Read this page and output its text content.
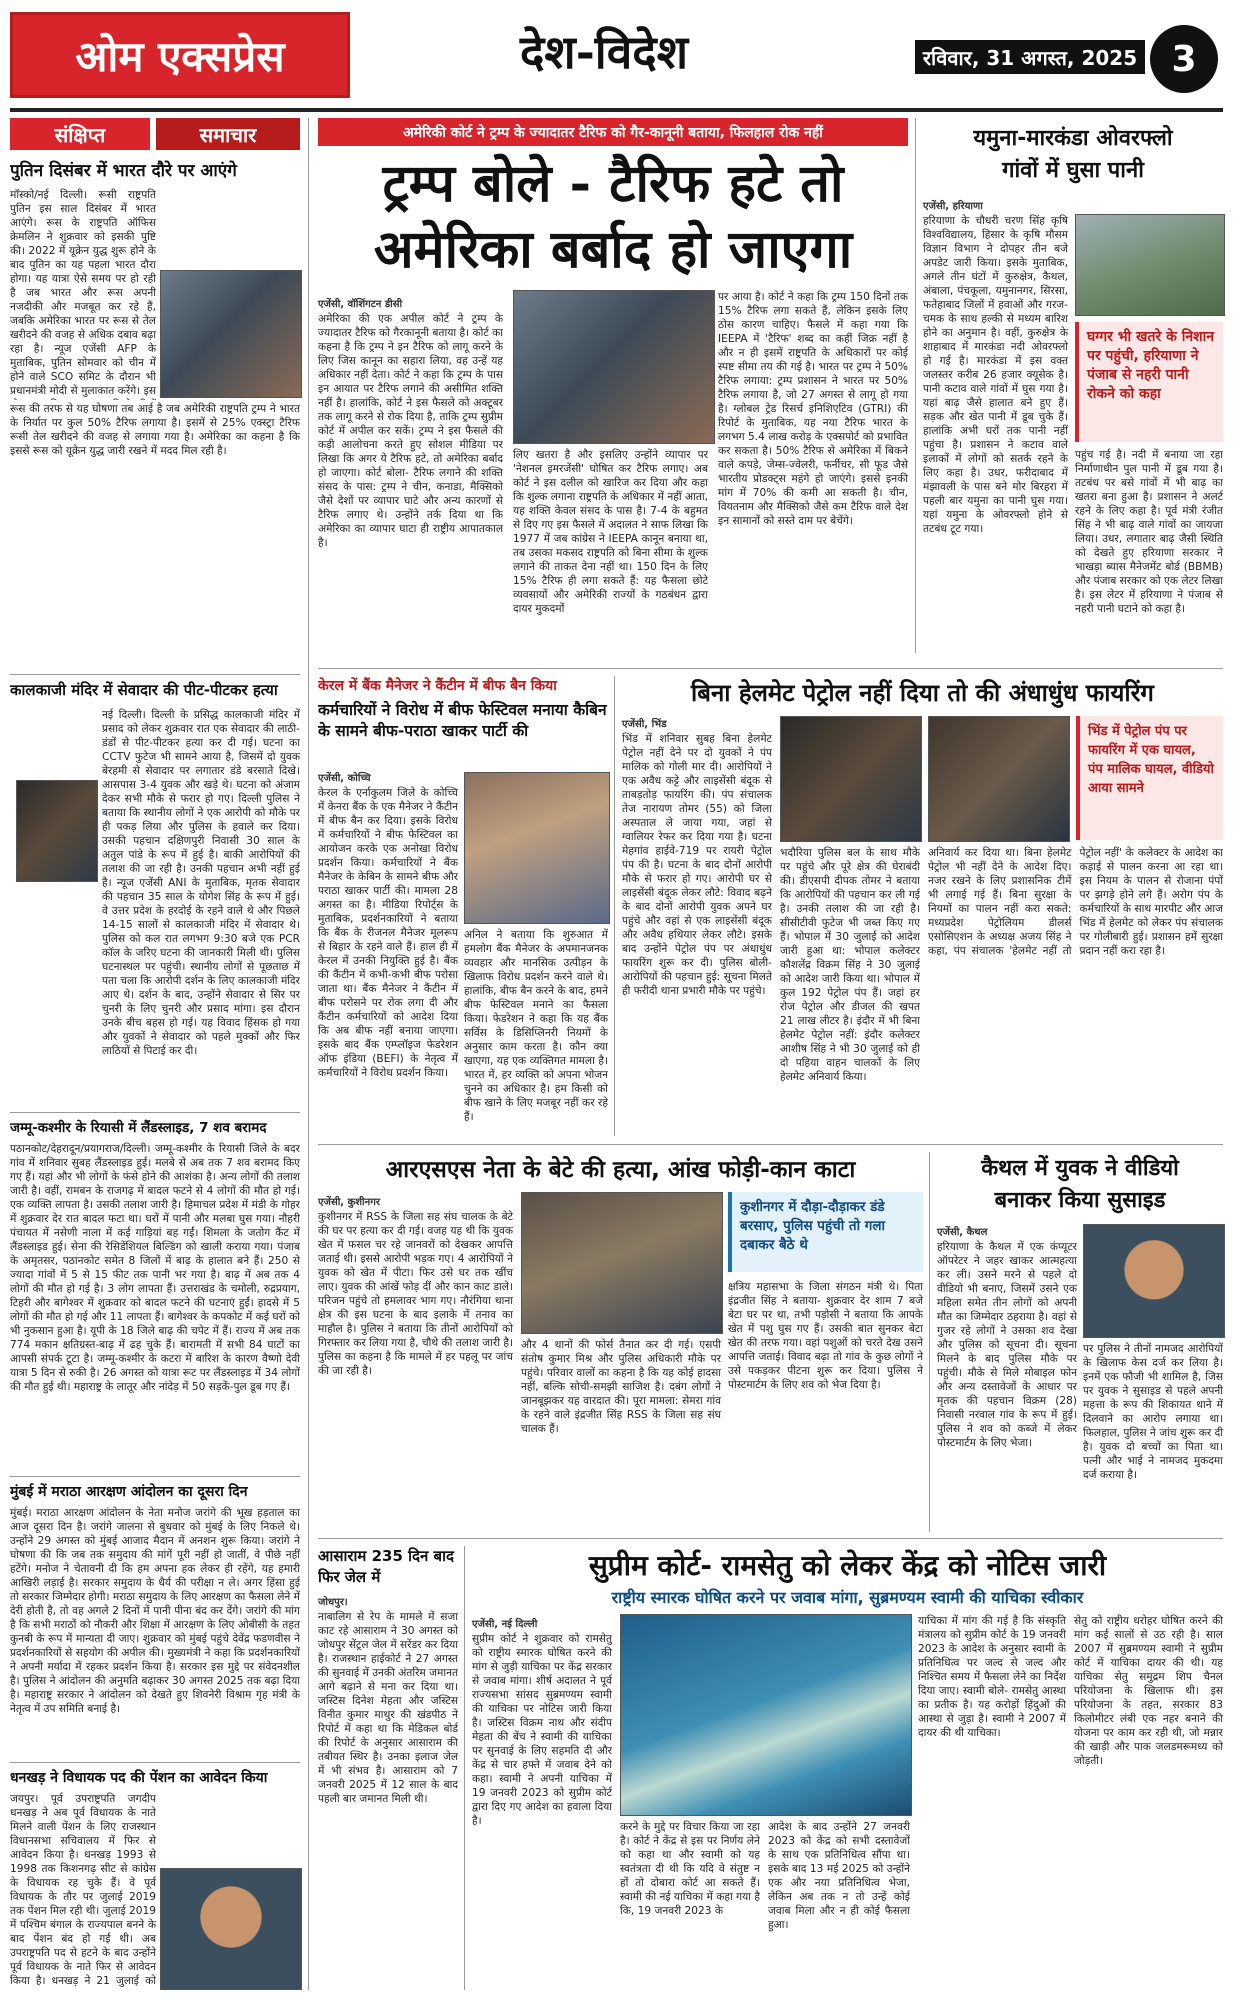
ओम एक्सप्रेस	देश-विदेश	रविवार, 31 अगस्त, 2025 3
संक्षिप्त	समाचार
पुतिन दिसंबर में भारत दौरे पर आएंगे
मॉस्को/नई दिल्ली। रूसी राष्ट्रपति पुतिन इस साल दिसंबर में भारत आएंगे। रूस के राष्ट्रपति ऑफिस क्रेमलिन ने शुक्रवार को इसकी पुष्टि की। 2022 में यूक्रेन युद्ध शुरू होने के बाद पुतिन का यह पहला भारत दौरा होगा। यह यात्रा ऐसे समय पर हो रही है जब भारत और रूस अपनी नजदीकी और मजबूत कर रहे हैं, जबकि अमेरिका भारत पर रूस से तेल खरीदने की वजह से अधिक दबाव बढ़ा रहा है। न्यूज एजेंसी AFP के मुताबिक, पुतिन सोमवार को चीन में होने वाले SCO समिट के दौरान भी प्रधानमंत्री मोदी से मुलाकात करेंगे। इस
रूस की तरफ से यह घोषणा तब आई है जब अमेरिकी राष्ट्रपति ट्रम्प ने भारत के निर्यात पर कुल 50% टैरिफ लगाया है। इसमें से 25% एक्स्ट्रा टैरिफ रूसी तेल खरीदने की वजह से लगाया गया है। अमेरिका का कहना है कि इससे रूस को यूक्रेन युद्ध जारी रखने में मदद मिल रही है।
कालकाजी मंदिर में सेवादार की पीट-पीटकर हत्या
नई दिल्ली। दिल्ली के प्रसिद्ध कालकाजी मंदिर में प्रसाद को लेकर शुक्रवार रात एक सेवादार की लाठी-डंडों से पीट-पीटकर हत्या कर दी गई। घटना का CCTV फुटेज भी सामने आया है, जिसमें दो युवक बेरहमी से सेवादार पर लगातार डंडे बरसाते दिखे। आसपास 3-4 युवक और खड़े थे। घटना को अंजाम देकर सभी मौके से फरार हो गए। दिल्ली पुलिस ने बताया कि स्थानीय लोगों ने एक आरोपी को मौके पर ही पकड़ लिया और पुलिस के हवाले कर दिया। उसकी पहचान दक्षिणपुरी निवासी 30 साल के अतुल पांडे के रूप में हुई है। बाकी आरोपियों की तलाश की जा रही है। उनकी पहचान अभी नहीं हुई है। न्यूज एजेंसी ANI के मुताबिक, मृतक सेवादार की पहचान 35 साल के योगेश सिंह के रूप में हुई। वे उत्तर प्रदेश के हरदोई के रहने वाले थे और पिछले 14-15 सालों से कालकाजी मंदिर में सेवादार थे। पुलिस को कल रात लगभग 9:30 बजे एक PCR कॉल के जरिए घटना की जानकारी मिली थी। पुलिस घटनास्थल पर पहुंची। स्थानीय लोगों से पूछताछ में पता चला कि आरोपी दर्शन के लिए कालकाजी मंदिर आए थे। दर्शन के बाद, उन्होंने सेवादार से सिर पर चुनरी के लिए चुनरी और प्रसाद मांगा। इस दौरान उनके बीच बहस हो गई। यह विवाद हिंसक हो गया और युवकों ने सेवादार को पहले मुक्कों और फिर लाठियों से पिटाई कर दी।
जम्मू-कश्मीर के रियासी में लैंडस्लाइड, 7 शव बरामद
पठानकोट/देहरादून/प्रयागराज/दिल्ली। जम्मू-कश्मीर के रियासी जिले के बदर गांव में शनिवार सुबह लैंडस्लाइड हुई। मलबे से अब तक 7 शव बरामद किए गए हैं। यहां और भी लोगों के फंसे होने की आशंका है। अन्य लोगों की तलाश जारी है। वहीं, रामबन के राजगढ़ में बादल फटने से 4 लोगों की मौत हो गई। एक व्यक्ति लापता है। उसकी तलाश जारी है। हिमाचल प्रदेश में मंडी के गोहर में शुक्रवार देर रात बादल फटा था। घरों में पानी और मलबा घुस गया। नौहरी पंचायत में नसेणी नाला में कई गाड़ियां बह गईं। शिमला के जतोग कैंट में लैंडस्लाइड हुई। सेना की रेसिडेंशियल बिल्डिंग को खाली कराया गया। पंजाब के अमृतसर, पठानकोट समेत 8 जिलों में बाढ़ के हालात बने हैं। 250 से ज्यादा गांवों में 5 से 15 फीट तक पानी भर गया है। बाढ़ में अब तक 4 लोगों की मौत हो गई है। 3 लोग लापता हैं। उत्तराखंड के चमोली, रुद्रप्रयाग, टिहरी और बागेश्वर में शुक्रवार को बादल फटने की घटनाएं हुईं। हादसे में 5 लोगों की मौत हो गई और 11 लापता हैं। बागेश्वर के कपकोट में कई घरों को भी नुकसान हुआ है। यूपी के 18 जिले बाढ़ की चपेट में हैं। राज्य में अब तक 774 मकान क्षतिग्रस्त-बाढ़ में ढह चुके हैं। बारामती में सभी 84 घाटों का आपसी संपर्क टूटा है। जम्मू-कश्मीर के कटरा में बारिश के कारण वैष्णो देवी यात्रा 5 दिन से रुकी है। 26 अगस्त को यात्रा रूट पर लैंडस्लाइड में 34 लोगों की मौत हुई थी। महाराष्ट्र के लातूर और नांदेड़ में 50 सड़कें-पुल डूब गए हैं।
मुंबई में मराठा आरक्षण आंदोलन का दूसरा दिन
मुंबई। मराठा आरक्षण आंदोलन के नेता मनोज जरांगे की भूख हड़ताल का आज दूसरा दिन है। जरांगे जालना से बुधवार को मुंबई के लिए निकले थे। उन्होंने 29 अगस्त को मुंबई आजाद मैदान में अनशन शुरू किया। जरांगे ने घोषणा की कि जब तक समुदाय की मांगें पूरी नहीं हो जातीं, वे पीछे नहीं हटेंगे। मनोज ने चेतावनी दी कि हम अपना हक लेकर ही रहेंगे, यह हमारी आखिरी लड़ाई है। सरकार समुदाय के धैर्य की परीक्षा न ले। अगर हिंसा हुई तो सरकार जिम्मेदार होगी। मराठा समुदाय के लिए आरक्षण का फैसला लेने में देरी होती है, तो वह अगले 2 दिनों में पानी पीना बंद कर देंगे। जरांगे की मांग है कि सभी मराठों को नौकरी और शिक्षा में आरक्षण के लिए ओबीसी के तहत कुनबी के रूप में मान्यता दी जाए। शुक्रवार को मुंबई पहुंचे देवेंद्र फडणवीस ने प्रदर्शनकारियों से सहयोग की अपील की। मुख्यमंत्री ने कहा कि प्रदर्शनकारियों ने अपनी मर्यादा में रहकर प्रदर्शन किया है। सरकार इस मुद्दे पर संवेदनशील है। पुलिस ने आंदोलन की अनुमति बढ़ाकर 30 अगस्त 2025 तक बढ़ा दिया है। महाराष्ट्र सरकार ने आंदोलन को देखते हुए शिवनेरी विश्राम गृह मंत्री के नेतृत्व में उप समिति बनाई है।
धनखड़ ने विधायक पद की पेंशन का आवेदन किया
जयपुर। पूर्व उपराष्ट्रपति जगदीप धनखड़ ने अब पूर्व विधायक के नाते मिलने वाली पेंशन के लिए राजस्थान विधानसभा सचिवालय में फिर से आवेदन किया है। धनखड़ 1993 से 1998 तक किशनगढ़ सीट से कांग्रेस के विधायक रह चुके हैं। वे पूर्व विधायक के तौर पर जुलाई 2019 तक पेंशन मिल रही थी। जुलाई 2019 में पश्चिम बंगाल के राज्यपाल बनने के बाद पेंशन बंद हो गई थी। अब उपराष्ट्रपति पद से हटने के बाद उन्होंने पूर्व विधायक के नाते फिर से आवेदन किया है। धनखड़ ने 21 जुलाई को
अमेरिकी कोर्ट ने ट्रम्प के ज्यादातर टैरिफ को गैर-कानूनी बताया, फिलहाल रोक नहीं
ट्रम्प बोले - टैरिफ हटे तो
अमेरिका बर्बाद हो जाएगा
एजेंसी, वॉशिंगटन डीसी
अमेरिका की एक अपील कोर्ट ने ट्रम्प के ज्यादातर टैरिफ को गैरकानूनी बताया है। कोर्ट का कहना है कि ट्रम्प ने इन टैरिफ को लागू करने के लिए जिस कानून का सहारा लिया, वह उन्हें यह अधिकार नहीं देता। कोर्ट ने कहा कि ट्रम्प के पास इन आयात पर टैरिफ लगाने की असीमित शक्ति नहीं है। हालांकि, कोर्ट ने इस फैसले को अक्टूबर तक लागू करने से रोक दिया है, ताकि ट्रम्प सुप्रीम कोर्ट में अपील कर सकें। ट्रम्प ने इस फैसले की कड़ी आलोचना करते हुए सोशल मीडिया पर लिखा कि अगर ये टैरिफ हटे, तो अमेरिका बर्बाद हो जाएगा। कोर्ट बोला- टैरिफ लगाने की शक्ति संसद के पास: ट्रम्प ने चीन, कनाडा, मैक्सिको जैसे देशों पर व्यापार घाटे और अन्य कारणों से टैरिफ लगाए थे। उन्होंने तर्क दिया था कि अमेरिका का व्यापार घाटा ही राष्ट्रीय आपातकाल है।
लिए खतरा है और इसलिए उन्होंने व्यापार पर 'नेशनल इमरजेंसी' घोषित कर टैरिफ लगाए। अब कोर्ट ने इस दलील को खारिज कर दिया और कहा कि शुल्क लगाना राष्ट्रपति के अधिकार में नहीं आता, यह शक्ति केवल संसद के पास है। 7-4 के बहुमत से दिए गए इस फैसले में अदालत ने साफ लिखा कि 1977 में जब कांग्रेस ने IEEPA कानून बनाया था, तब उसका मकसद राष्ट्रपति को बिना सीमा के शुल्क लगाने की ताकत देना नहीं था। 150 दिन के लिए 15% टैरिफ ही लगा सकते हैं: यह फैसला छोटे व्यवसायों और अमेरिकी राज्यों के गठबंधन द्वारा दायर मुकदमों
पर आया है। कोर्ट ने कहा कि ट्रम्प 150 दिनों तक 15% टैरिफ लगा सकते हैं, लेकिन इसके लिए ठोस कारण चाहिए। फैसले में कहा गया कि IEEPA में 'टैरिफ' शब्द का कहीं जिक्र नहीं है और न ही इसमें राष्ट्रपति के अधिकारों पर कोई स्पष्ट सीमा तय की गई है। भारत पर ट्रम्प ने 50% टैरिफ लगाया: ट्रम्प प्रशासन ने भारत पर 50% टैरिफ लगाया है, जो 27 अगस्त से लागू हो गया है। ग्लोबल ट्रेड रिसर्च इनिशिएटिव (GTRI) की रिपोर्ट के मुताबिक, यह नया टैरिफ भारत के लगभग 5.4 लाख करोड़ के एक्सपोर्ट को प्रभावित कर सकता है। 50% टैरिफ से अमेरिका में बिकने वाले कपड़े, जेम्स-ज्वेलरी, फर्नीचर, सी फूड जैसे भारतीय प्रोडक्ट्स महंगे हो जाएंगे। इससे इनकी मांग में 70% की कमी आ सकती है। चीन, वियतनाम और मैक्सिको जैसे कम टैरिफ वाले देश इन सामानों को सस्ते दाम पर बेचेंगे।
यमुना-मारकंडा ओवरफ्लो
गांवों में घुसा पानी
एजेंसी, हरियाणा
हरियाणा के चौधरी चरण सिंह कृषि विश्वविद्यालय, हिसार के कृषि मौसम विज्ञान विभाग ने दोपहर तीन बजे अपडेट जारी किया। इसके मुताबिक, अगले तीन घंटों में कुरुक्षेत्र, कैथल, अंबाला, पंचकूला, यमुनानगर, सिरसा, फतेहाबाद जिलों में हवाओं और गरज-चमक के साथ हल्की से मध्यम बारिश होने का अनुमान है। वहीं, कुरुक्षेत्र के शाहाबाद में मारकंडा नदी ओवरफ्लो हो गई है। मारकंडा में इस वक्त जलस्तर करीब 26 हजार क्यूसेक है। पानी कटाव वाले गांवों में घुस गया है। यहां बाढ़ जैसे हालात बने हुए हैं। सड़क और खेत पानी में डूब चुके हैं। हालांकि अभी घरों तक पानी नहीं पहुंचा है। प्रशासन ने कटाव वाले इलाकों में लोगों को सतर्क रहने के लिए कहा है। उधर, फरीदाबाद में मंझावली के पास बने मोर बिरहरा में पहली बार यमुना का पानी घुस गया। यहां यमुना के ओवरफ्लो होने से तटबंध टूट गया।
घग्गर भी खतरे के निशान पर पहुंची, हरियाणा ने पंजाब से नहरी पानी रोकने को कहा
पहुंच गई है। नदी में बनाया जा रहा निर्माणाधीन पुल पानी में डूब गया है। तटबंध पर बसे गांवों में भी बाढ़ का खतरा बना हुआ है। प्रशासन ने अलर्ट रहने के लिए कहा है। पूर्व मंत्री रंजीत सिंह ने भी बाढ़ वाले गांवों का जायजा लिया। उधर, लगातार बाढ़ जैसी स्थिति को देखते हुए हरियाणा सरकार ने भाखड़ा ब्यास मैनेजमेंट बोर्ड (BBMB) और पंजाब सरकार को एक लेटर लिखा है। इस लेटर में हरियाणा ने पंजाब से नहरी पानी घटाने को कहा है।
केरल में बैंक मैनेजर ने कैंटीन में बीफ बैन किया
कर्मचारियों ने विरोध में बीफ फेस्टिवल मनाया कैबिन के सामने बीफ-पराठा खाकर पार्टी की
एजेंसी, कोच्चि
केरल के एर्नाकुलम जिले के कोच्चि में केनरा बैंक के एक मैनेजर ने कैंटीन में बीफ बैन कर दिया। इसके विरोध में कर्मचारियों ने बीफ फेस्टिवल का आयोजन करके एक अनोखा विरोध प्रदर्शन किया। कर्मचारियों ने बैंक मैनेजर के केबिन के सामने बीफ और पराठा खाकर पार्टी की। मामला 28 अगस्त का है। मीडिया रिपोर्ट्स के मुताबिक, प्रदर्शनकारियों ने बताया कि बैंक के रीजनल मैनेजर मूलरूप से बिहार के रहने वाले हैं। हाल ही में केरल में उनकी नियुक्ति हुई है। बैंक की कैंटीन में कभी-कभी बीफ परोसा जाता था। बैंक मैनेजर ने कैंटीन में बीफ परोसने पर रोक लगा दी और कैंटीन कर्मचारियों को आदेश दिया कि अब बीफ नहीं बनाया जाएगा। इसके बाद बैंक एम्प्लॉइज फेडरेशन ऑफ इंडिया (BEFI) के नेतृत्व में कर्मचारियों ने विरोध प्रदर्शन किया।
अनिल ने बताया कि शुरुआत में हमलोग बैंक मैनेजर के अपमानजनक व्यवहार और मानसिक उत्पीड़न के खिलाफ विरोध प्रदर्शन करने वाले थे। हालांकि, बीफ बैन करने के बाद, हमने बीफ फेस्टिवल मनाने का फैसला किया। फेडरेशन ने कहा कि यह बैंक सर्विस के डिसिप्लिनरी नियमों के अनुसार काम करता है। कौन क्या खाएगा, यह एक व्यक्तिगत मामला है। भारत में, हर व्यक्ति को अपना भोजन चुनने का अधिकार है। हम किसी को बीफ खाने के लिए मजबूर नहीं कर रहे हैं।
बिना हेलमेट पेट्रोल नहीं दिया तो की अंधाधुंध फायरिंग
एजेंसी, भिंड
भिंड में शनिवार सुबह बिना हेलमेट पेट्रोल नहीं देने पर दो युवकों ने पंप मालिक को गोली मार दी। आरोपियों ने एक अवैध कट्टे और लाइसेंसी बंदूक से ताबड़तोड़ फायरिंग की। पंप संचालक तेज नारायण तोमर (55) को जिला अस्पताल ले जाया गया, जहां से ग्वालियर रेफर कर दिया गया है। घटना मेहगांव हाईवे-719 पर रायरी पेट्रोल पंप की है। घटना के बाद दोनों आरोपी मौके से फरार हो गए। आरोपी घर से लाइसेंसी बंदूक लेकर लौटे: विवाद बढ़ने के बाद दोनों आरोपी युवक अपने घर पहुंचे और वहां से एक लाइसेंसी बंदूक और अवैध हथियार लेकर लौटे। इसके बाद उन्होंने पेट्रोल पंप पर अंधाधुंध फायरिंग शुरू कर दी। पुलिस बोली- आरोपियों की पहचान हुई: सूचना मिलते ही फरीदी थाना प्रभारी मौके पर पहुंचे।
भदौरिया पुलिस बल के साथ मौके पर पहुंचे और पूरे क्षेत्र की घेराबंदी की। डीएसपी दीपक तोमर ने बताया कि आरोपियों की पहचान कर ली गई है। उनकी तलाश की जा रही है। सीसीटीवी फुटेज भी जब्त किए गए हैं। भोपाल में 30 जुलाई को आदेश जारी हुआ था: भोपाल कलेक्टर कौशलेंद्र विक्रम सिंह ने 30 जुलाई को आदेश जारी किया था। भोपाल में कुल 192 पेट्रोल पंप हैं। जहां हर रोज पेट्रोल और डीजल की खपत 21 लाख लीटर है। इंदौर में भी बिना हेलमेट पेट्रोल नहीं: इंदौर कलेक्टर आशीष सिंह ने भी 30 जुलाई को ही दो पहिया वाहन चालकों के लिए हेलमेट अनिवार्य किया।
भिंड में पेट्रोल पंप पर फायरिंग में एक घायल, पंप मालिक घायल, वीडियो आया सामने
अनिवार्य कर दिया था। बिना हेलमेट पेट्रोल भी नहीं देने के आदेश दिए। नजर रखने के लिए प्रशासनिक टीमें भी लगाई गई हैं। बिना सुरक्षा के नियमों का पालन नहीं करा सकते: मध्यप्रदेश पेट्रोलियम डीलर्स एसोसिएशन के अध्यक्ष अजय सिंह ने कहा, पंप संचालक 'हेलमेट नहीं तो पेट्रोल नहीं' के कलेक्टर के आदेश का कड़ाई से पालन करना आ रहा था। इस नियम के पालन से रोजाना पंपों पर झगड़े होने लगे हैं। अरोग पंप के कर्मचारियों के साथ मारपीट और आज भिंड में हेलमेट को लेकर पंप संचालक पर गोलीबारी हुई। प्रशासन हमें सुरक्षा प्रदान नहीं करा रहा है।
आरएसएस नेता के बेटे की हत्या, आंख फोड़ी-कान काटा
एजेंसी, कुशीनगर
कुशीनगर में RSS के जिला सह संघ चालक के बेटे की घर पर हत्या कर दी गई। वजह यह थी कि युवक खेत में फसल चर रहे जानवरों को देखकर आपत्ति जताई थी। इससे आरोपी भड़क गए। 4 आरोपियों ने युवक को खेत में पीटा। फिर उसे घर तक खींच लाए। युवक की आंखें फोड़ दीं और कान काट डाले। परिजन पहुंचे तो हमलावर भाग गए। नौरंगिया थाना क्षेत्र की इस घटना के बाद इलाके में तनाव का माहौल है। पुलिस ने बताया कि तीनों आरोपियों को गिरफ्तार कर लिया गया है, चौथे की तलाश जारी है। पुलिस का कहना है कि मामले में हर पहलू पर जांच की जा रही है।
कुशीनगर में दौड़ा-दौड़ाकर डंडे बरसाए, पुलिस पहुंची तो गला दबाकर बैठे थे
और 4 थानों की फोर्स तैनात कर दी गई। एसपी संतोष कुमार मिश्र और पुलिस अधिकारी मौके पर पहुंचे। परिवार वालों का कहना है कि यह कोई हादसा नहीं, बल्कि सोची-समझी साजिश है। दबंग लोगों ने जानबूझकर यह वारदात की। पूरा मामला: सेमरा गांव के रहने वाले इंद्रजीत सिंह RSS के जिला सह संघ चालक हैं।
क्षत्रिय महासभा के जिला संगठन मंत्री थे। पिता इंद्रजीत सिंह ने बताया- शुक्रवार देर शाम 7 बजे बेटा घर पर था, तभी पड़ोसी ने बताया कि आपके खेत में पशु घुस गए हैं। उसकी बात सुनकर बेटा खेत की तरफ गया। वहां पशुओं को चरते देख उसने आपत्ति जताई। विवाद बढ़ा तो गांव के कुछ लोगों ने उसे पकड़कर पीटना शुरू कर दिया। पुलिस ने पोस्टमार्टम के लिए शव को भेज दिया है।
कैथल में युवक ने वीडियो
बनाकर किया सुसाइड
एजेंसी, कैथल
हरियाणा के कैथल में एक कंप्यूटर ऑपरेटर ने जहर खाकर आत्महत्या कर ली। उसने मरने से पहले दो वीडियो भी बनाए, जिसमें उसने एक महिला समेत तीन लोगों को अपनी मौत का जिम्मेदार ठहराया है। वहां से गुजर रहे लोगों ने उसका शव देखा और पुलिस को सूचना दी। सूचना मिलने के बाद पुलिस मौके पर पहुंची। मौके से मिले मोबाइल फोन और अन्य दस्तावेजों के आधार पर मृतक की पहचान विक्रम (28) निवासी नरवाल गांव के रूप में हुई। पुलिस ने शव को कब्जे में लेकर पोस्टमार्टम के लिए भेजा।
पर पुलिस ने तीनों नामजद आरोपियों के खिलाफ केस दर्ज कर लिया है। इनमें एक फौजी भी शामिल है, जिस पर युवक ने सुसाइड से पहले अपनी महत्ता के रूप की शिकायत थाने में दिलवाने का आरोप लगाया था। फिलहाल, पुलिस ने जांच शुरू कर दी है। युवक दो बच्चों का पिता था। पत्नी और भाई ने नामजद मुकदमा दर्ज कराया है।
आसाराम 235 दिन बाद फिर जेल में
जोधपुर।
नाबालिग से रेप के मामले में सजा काट रहे आसाराम ने 30 अगस्त को जोधपुर सेंट्रल जेल में सरेंडर कर दिया है। राजस्थान हाईकोर्ट ने 27 अगस्त की सुनवाई में उनकी अंतरिम जमानत आगे बढ़ाने से मना कर दिया था। जस्टिस दिनेश मेहता और जस्टिस विनीत कुमार माथुर की खंडपीठ ने रिपोर्ट में कहा था कि मेडिकल बोर्ड की रिपोर्ट के अनुसार आसाराम की तबीयत स्थिर है। उनका इलाज जेल में भी संभव है। आसाराम को 7 जनवरी 2025 में 12 साल के बाद पहली बार जमानत मिली थी।
सुप्रीम कोर्ट- रामसेतु को लेकर केंद्र को नोटिस जारी
राष्ट्रीय स्मारक घोषित करने पर जवाब मांगा, सुब्रमण्यम स्वामी की याचिका स्वीकार
एजेंसी, नई दिल्ली
सुप्रीम कोर्ट ने शुक्रवार को रामसेतु को राष्ट्रीय स्मारक घोषित करने की मांग से जुड़ी याचिका पर केंद्र सरकार से जवाब मांगा। शीर्ष अदालत ने पूर्व राज्यसभा सांसद सुब्रमण्यम स्वामी की याचिका पर नोटिस जारी किया है। जस्टिस विक्रम नाथ और संदीप मेहता की बेंच ने स्वामी की याचिका पर सुनवाई के लिए सहमति दी और केंद्र से चार हफ्ते में जवाब देने को कहा। स्वामी ने अपनी याचिका में 19 जनवरी 2023 को सुप्रीम कोर्ट द्वारा दिए गए आदेश का हवाला दिया है।	करने के मुद्दे पर विचार किया जा रहा है। कोर्ट ने केंद्र से इस पर निर्णय लेने को कहा था और स्वामी को यह स्वतंत्रता दी थी कि यदि वे संतुष्ट न हों तो दोबारा कोर्ट आ सकते हैं। स्वामी की नई याचिका में कहा गया है कि, 19 जनवरी 2023 के
आदेश के बाद उन्होंने 27 जनवरी 2023 को केंद्र को सभी दस्तावेजों के साथ एक प्रतिनिधित्व सौंपा था। इसके बाद 13 मई 2025 को उन्होंने एक और नया प्रतिनिधित्व भेजा, लेकिन अब तक न तो उन्हें कोई जवाब मिला और न ही कोई फैसला हुआ।
याचिका में मांग की गई है कि संस्कृति मंत्रालय को सुप्रीम कोर्ट के 19 जनवरी 2023 के आदेश के अनुसार स्वामी के प्रतिनिधित्व पर जल्द से जल्द और निश्चित समय में फैसला लेने का निर्देश दिया जाए। स्वामी बोले- रामसेतु आस्था का प्रतीक है। यह करोड़ों हिंदुओं की आस्था से जुड़ा है। स्वामी ने 2007 में दायर की थी याचिका।
सेतु को राष्ट्रीय धरोहर घोषित करने की मांग कई सालों से उठ रही है। साल 2007 में सुब्रमण्यम स्वामी ने सुप्रीम कोर्ट में याचिका दायर की थी। यह याचिका सेतु समुद्रम शिप चैनल परियोजना के खिलाफ थी। इस परियोजना के तहत, सरकार 83 किलोमीटर लंबी एक नहर बनाने की योजना पर काम कर रही थी, जो मन्नार की खाड़ी और पाक जलडमरूमध्य को जोड़ती।
